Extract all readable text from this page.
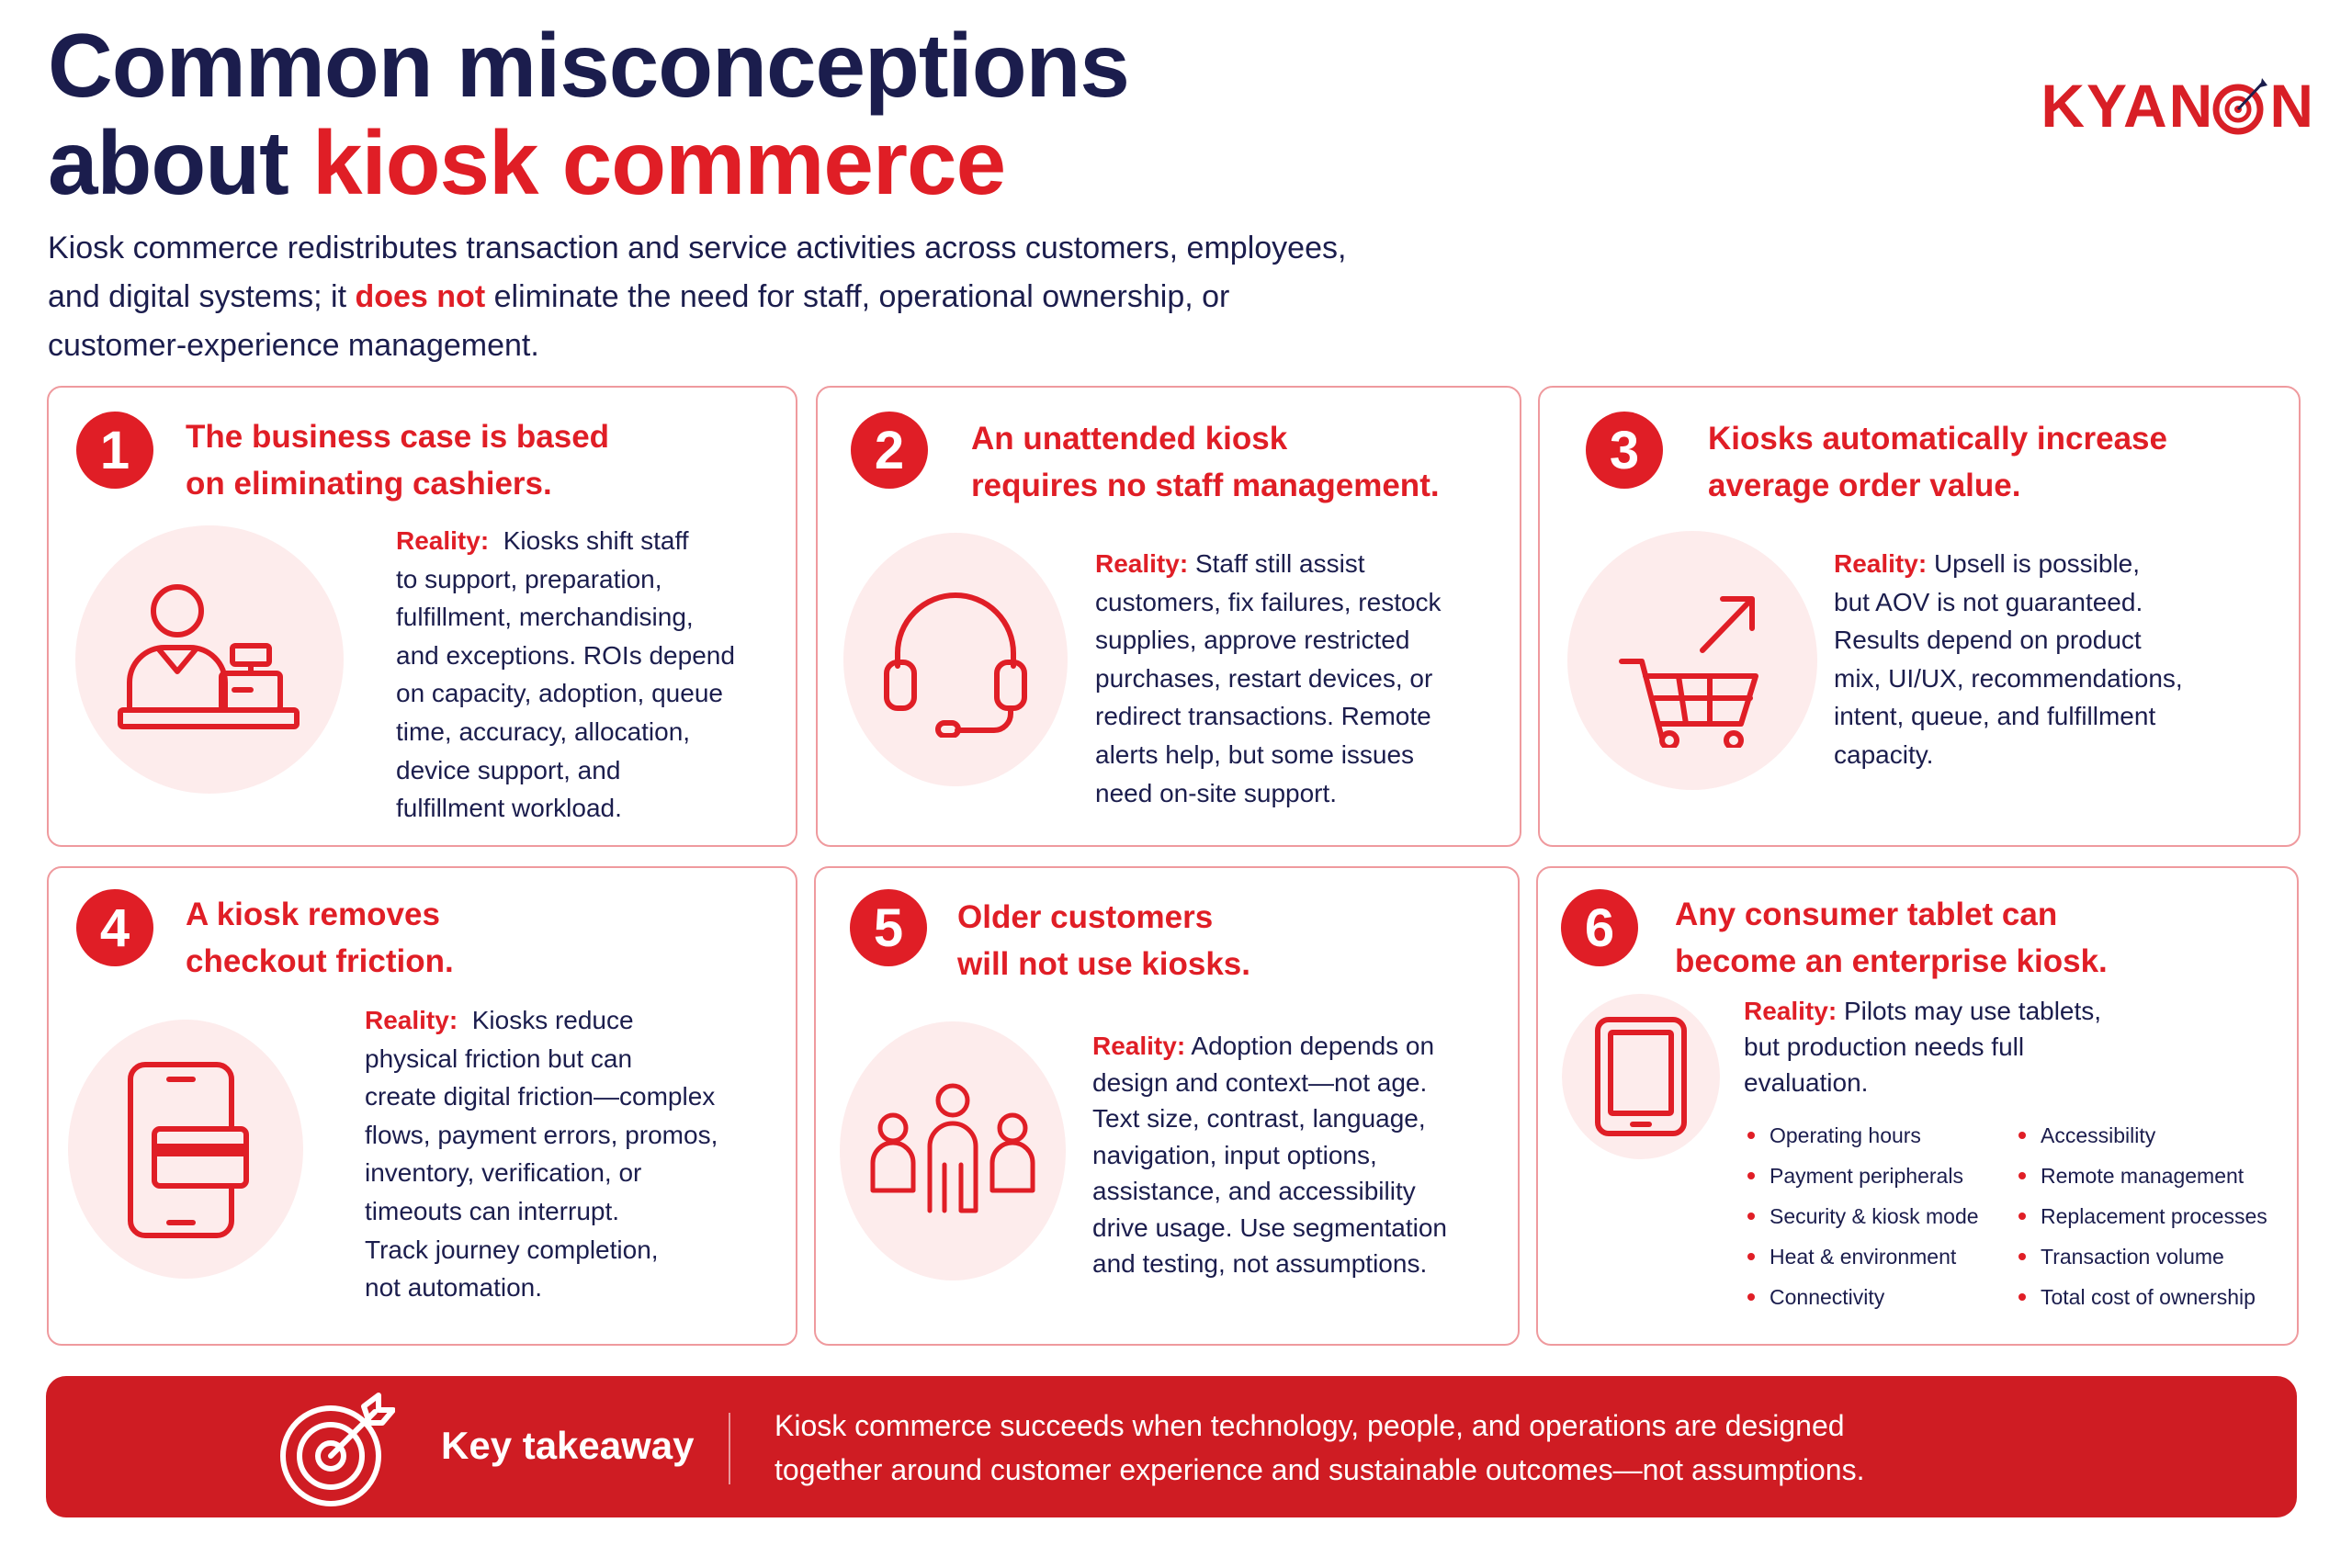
Common misconceptions
about kiosk commerce
Kiosk commerce redistributes transaction and service activities across customers, employees, and digital systems; it does not eliminate the need for staff, operational ownership, or customer-experience management.
KYAN N
1	The business case is based
on eliminating cashiers.
Reality: Kiosks shift staff
to support, preparation,
fulfillment, merchandising,
and exceptions. ROIs depend
on capacity, adoption, queue
time, accuracy, allocation,
device support, and
fulfillment workload.
2	An unattended kiosk
requires no staff management.
Reality: Staff still assist
customers, fix failures, restock
supplies, approve restricted
purchases, restart devices, or
redirect transactions. Remote
alerts help, but some issues
need on-site support.
3	Kiosks automatically increase
average order value.
Reality: Upsell is possible,
but AOV is not guaranteed.
Results depend on product
mix, UI/UX, recommendations,
intent, queue, and fulfillment
capacity.
4	A kiosk removes
checkout friction.
Reality: Kiosks reduce
physical friction but can
create digital friction—complex
flows, payment errors, promos,
inventory, verification, or
timeouts can interrupt.
Track journey completion,
not automation.
5	Older customers
will not use kiosks.
Reality: Adoption depends on
design and context—not age.
Text size, contrast, language,
navigation, input options,
assistance, and accessibility
drive usage. Use segmentation
and testing, not assumptions.
6	Any consumer tablet can
become an enterprise kiosk.
Reality: Pilots may use tablets,
but production needs full
evaluation.
Operating hours	Accessibility
Payment peripherals	Remote management
Security & kiosk mode	Replacement processes
Heat & environment	Transaction volume
Connectivity	Total cost of ownership
Key takeaway	Kiosk commerce succeeds when technology, people, and operations are designed
together around customer experience and sustainable outcomes—not assumptions.
